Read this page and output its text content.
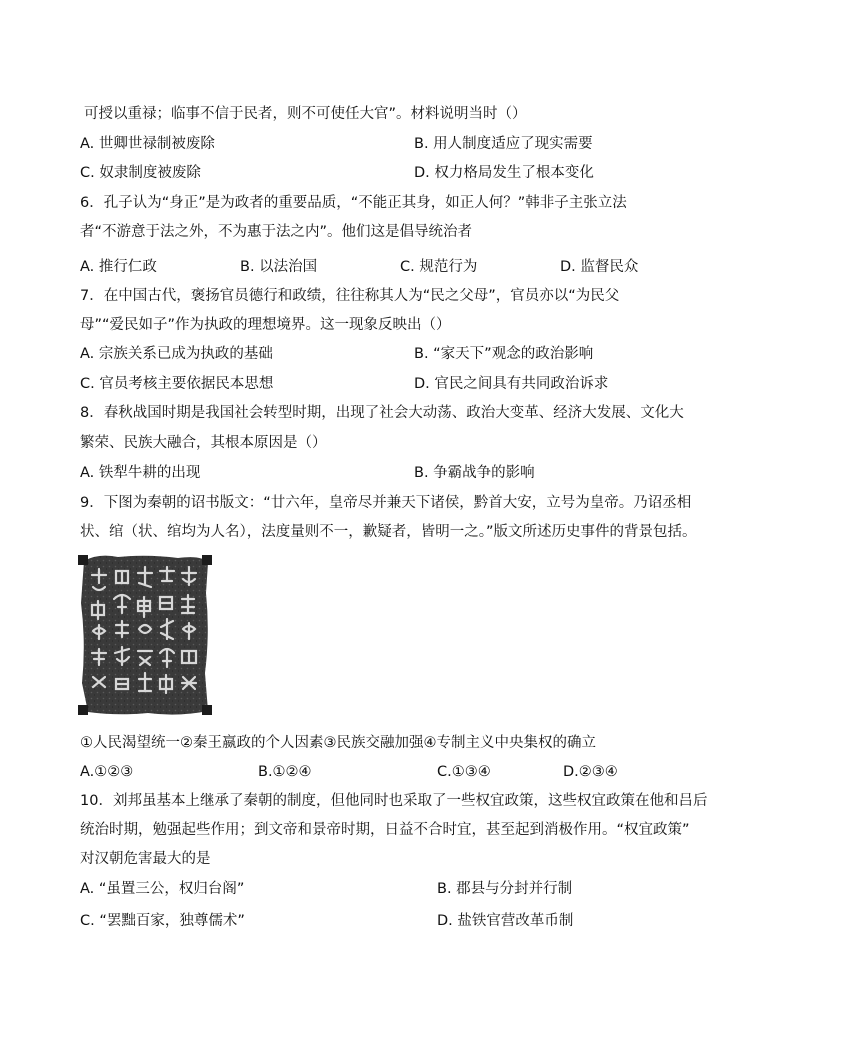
可授以重禄；临事不信于民者，则不可使任大官”。材料说明当时（）
A. 世卿世禄制被废除	B. 用人制度适应了现实需要
C. 奴隶制度被废除	D. 权力格局发生了根本变化
6．孔子认为“身正”是为政者的重要品质，“不能正其身，如正人何？”韩非子主张立法
者“不游意于法之外，不为惠于法之内”。他们这是倡导统治者
A. 推行仁政	B. 以法治国	C. 规范行为	D. 监督民众
7．在中国古代，褒扬官员德行和政绩，往往称其人为“民之父母”，官员亦以“为民父
母”“爱民如子”作为执政的理想境界。这一现象反映出（）
A. 宗族关系已成为执政的基础	B. “家天下”观念的政治影响
C. 官员考核主要依据民本思想	D. 官民之间具有共同政治诉求
8．春秋战国时期是我国社会转型时期，出现了社会大动荡、政治大变革、经济大发展、文化大
繁荣、民族大融合，其根本原因是（）
A. 铁犁牛耕的出现	B. 争霸战争的影响
9．下图为秦朝的诏书版文：“廿六年，皇帝尽并兼天下诸侯，黔首大安，立号为皇帝。乃诏丞相
状、绾（状、绾均为人名），法度量则不一，歉疑者，皆明一之。”版文所述历史事件的背景包括。
①人民渴望统一②秦王嬴政的个人因素③民族交融加强④专制主义中央集权的确立
A.①②③	B.①②④	C.①③④	D.②③④
10．刘邦虽基本上继承了秦朝的制度，但他同时也采取了一些权宜政策，这些权宜政策在他和吕后
统治时期，勉强起些作用；到文帝和景帝时期，日益不合时宜，甚至起到消极作用。“权宜政策”
对汉朝危害最大的是
A. “虽置三公，权归台阁”	B. 郡县与分封并行制
C. “罢黜百家，独尊儒术”	D. 盐铁官营改革币制
